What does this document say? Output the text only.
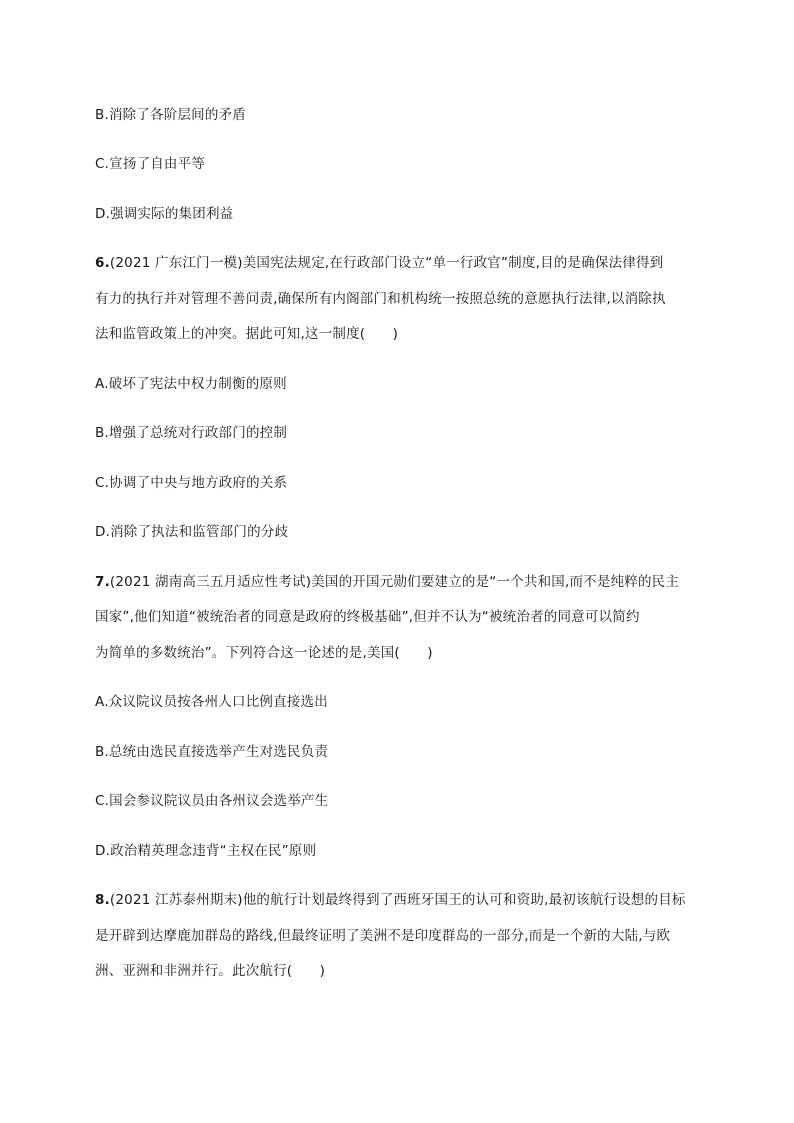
B.消除了各阶层间的矛盾
C.宣扬了自由平等
D.强调实际的集团利益
6.(2021 广东江门一模)美国宪法规定,在行政部门设立“单一行政官”制度,目的是确保法律得到
有力的执行并对管理不善问责,确保所有内阁部门和机构统一按照总统的意愿执行法律,以消除执
法和监管政策上的冲突。据此可知,这一制度(　　)
A.破坏了宪法中权力制衡的原则
B.增强了总统对行政部门的控制
C.协调了中央与地方政府的关系
D.消除了执法和监管部门的分歧
7.(2021 湖南高三五月适应性考试)美国的开国元勋们要建立的是“一个共和国,而不是纯粹的民主
国家”,他们知道“被统治者的同意是政府的终极基础”,但并不认为“被统治者的同意可以简约
为简单的多数统治”。下列符合这一论述的是,美国(　　)
A.众议院议员按各州人口比例直接选出
B.总统由选民直接选举产生对选民负责
C.国会参议院议员由各州议会选举产生
D.政治精英理念违背“主权在民”原则
8.(2021 江苏泰州期末)他的航行计划最终得到了西班牙国王的认可和资助,最初该航行设想的目标
是开辟到达摩鹿加群岛的路线,但最终证明了美洲不是印度群岛的一部分,而是一个新的大陆,与欧
洲、亚洲和非洲并行。此次航行(　　)
